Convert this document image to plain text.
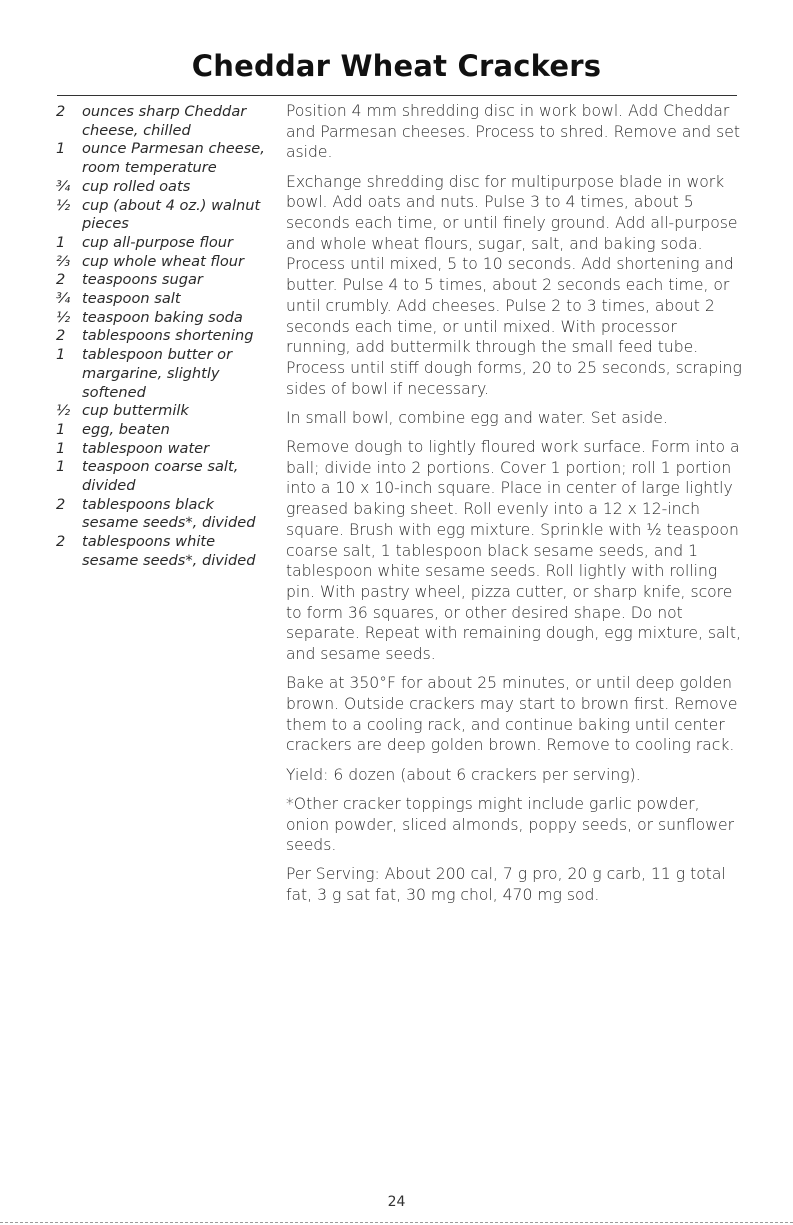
Cheddar Wheat Crackers
2	ounces sharp Cheddar cheese, chilled
1	ounce Parmesan cheese, room temperature
¾ cup rolled oats
½ cup (about 4 oz.) walnut pieces
1	cup all-purpose flour
⅔ cup whole wheat flour
2	teaspoons sugar
¾ teaspoon salt
½ teaspoon baking soda
2	tablespoons shortening
1	tablespoon butter or margarine, slightly softened
½ cup buttermilk
1	egg, beaten
1	tablespoon water
1	teaspoon coarse salt, divided
2	tablespoons black sesame seeds*, divided
2	tablespoons white sesame seeds*, divided

Position 4 mm shredding disc in work bowl. Add Cheddar and Parmesan cheeses. Process to shred. Remove and set aside.

Exchange shredding disc for multipurpose blade in work bowl. Add oats and nuts. Pulse 3 to 4 times, about 5 seconds each time, or until finely ground. Add all-purpose and whole wheat flours, sugar, salt, and baking soda. Process until mixed, 5 to 10 seconds. Add shortening and butter. Pulse 4 to 5 times, about 2 seconds each time, or until crumbly. Add cheeses. Pulse 2 to 3 times, about 2 seconds each time, or until mixed. With processor running, add buttermilk through the small feed tube. Process until stiff dough forms, 20 to 25 seconds, scraping sides of bowl if necessary.

In small bowl, combine egg and water. Set aside.

Remove dough to lightly floured work surface. Form into a ball; divide into 2 portions. Cover 1 portion; roll 1 portion into a 10 x 10-inch square. Place in center of large lightly greased baking sheet. Roll evenly into a 12 x 12-inch square. Brush with egg mixture. Sprinkle with ½ teaspoon coarse salt, 1 tablespoon black sesame seeds, and 1 tablespoon white sesame seeds. Roll lightly with rolling pin. With pastry wheel, pizza cutter, or sharp knife, score to form 36 squares, or other desired shape. Do not separate. Repeat with remaining dough, egg mixture, salt, and sesame seeds.

Bake at 350°F for about 25 minutes, or until deep golden brown. Outside crackers may start to brown first. Remove them to a cooling rack, and continue baking until center crackers are deep golden brown. Remove to cooling rack.

Yield: 6 dozen (about 6 crackers per serving).

*Other cracker toppings might include garlic powder, onion powder, sliced almonds, poppy seeds, or sunflower seeds.

Per Serving: About 200 cal, 7 g pro, 20 g carb, 11 g total fat, 3 g sat fat, 30 mg chol, 470 mg sod.

24
